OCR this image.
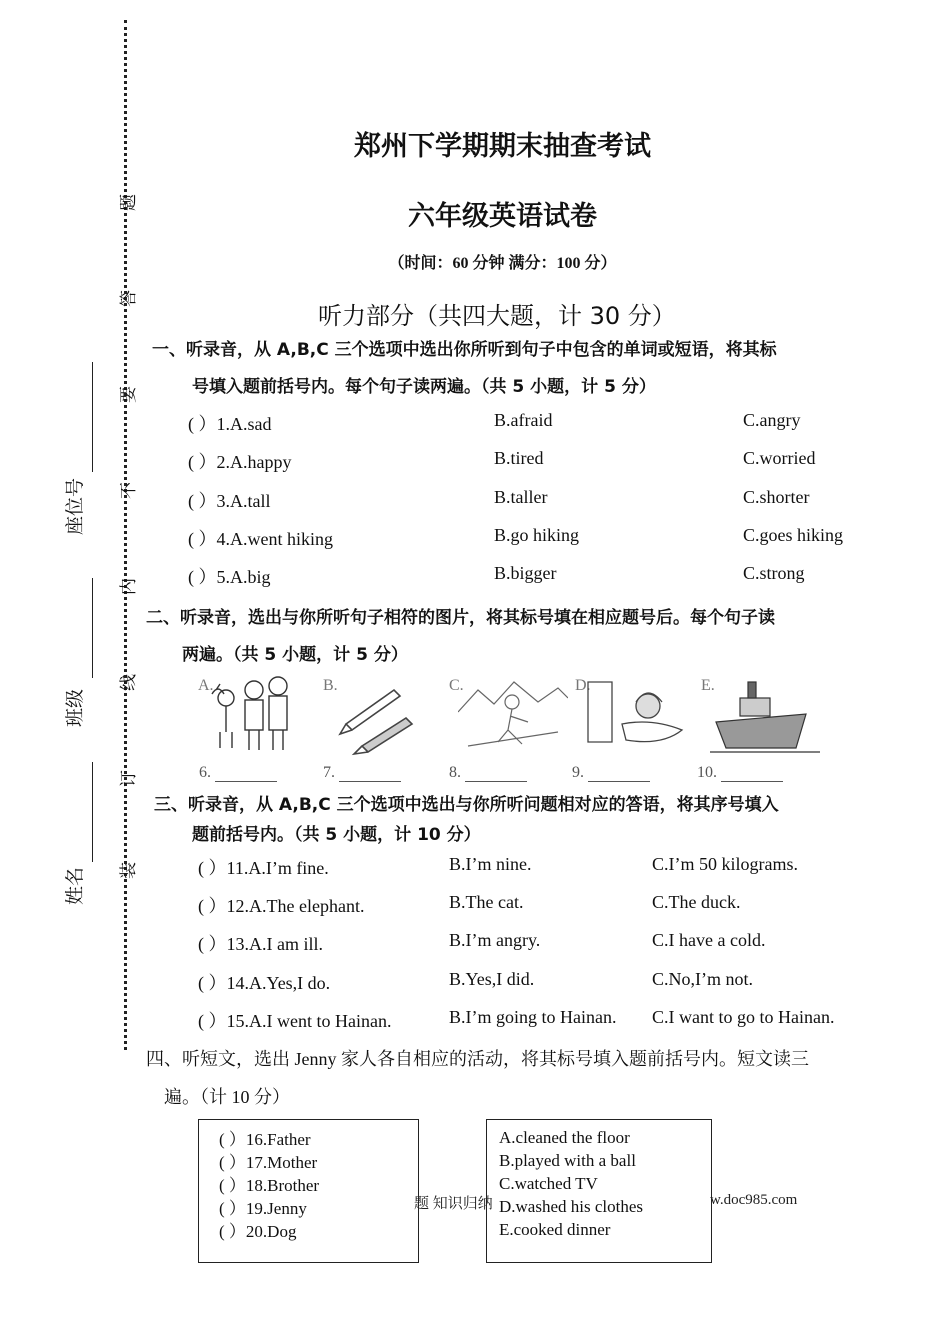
题
答
要
不
内
线
订
装
座位号
班级
姓名
郑州下学期期末抽查考试
六年级英语试卷
（时间：60 分钟 满分：100 分）
听力部分（共四大题，计 30 分）
一、听录音，从 A,B,C 三个选项中选出你所听到句子中包含的单词或短语，将其标
号填入题前括号内。每个句子读两遍。（共 5 小题，计 5 分）
( ）1.A.sad	B.afraid	C.angry
( ）2.A.happy	B.tired	C.worried
( ）3.A.tall	B.taller	C.shorter
( ）4.A.went hiking	B.go hiking	C.goes hiking
( ）5.A.big	B.bigger	C.strong
二、听录音，选出与你所听句子相符的图片，将其标号填在相应题号后。每个句子读
两遍。（共 5 小题，计 5 分）
A.	B.	C.	D.	E.
6.	7.	8.	9.	10.
三、听录音，从 A,B,C 三个选项中选出与你所听问题相对应的答语，将其序号填入
题前括号内。（共 5 小题，计 10 分）
( ）11.A.I’m fine.	B.I’m nine.	C.I’m 50 kilograms.
( ）12.A.The elephant.	B.The cat.	C.The duck.
( ）13.A.I am ill.	B.I’m angry.	C.I have a cold.
( ）14.A.Yes,I do.	B.Yes,I did.	C.No,I’m not.
( ）15.A.I went to Hainan.	B.I’m going to Hainan. C.I want to go to Hainan.
四、听短文，选出 Jenny 家人各自相应的活动，将其标号填入题前括号内。短文读三
遍。（计 10 分）
( ）16.Father
( ）17.Mother
( ）18.Brother
( ）19.Jenny
( ）20.Dog
题 知识归纳	w.doc985.com
A.cleaned the floor
B.played with a ball
C.watched TV
D.washed his clothes
E.cooked dinner
